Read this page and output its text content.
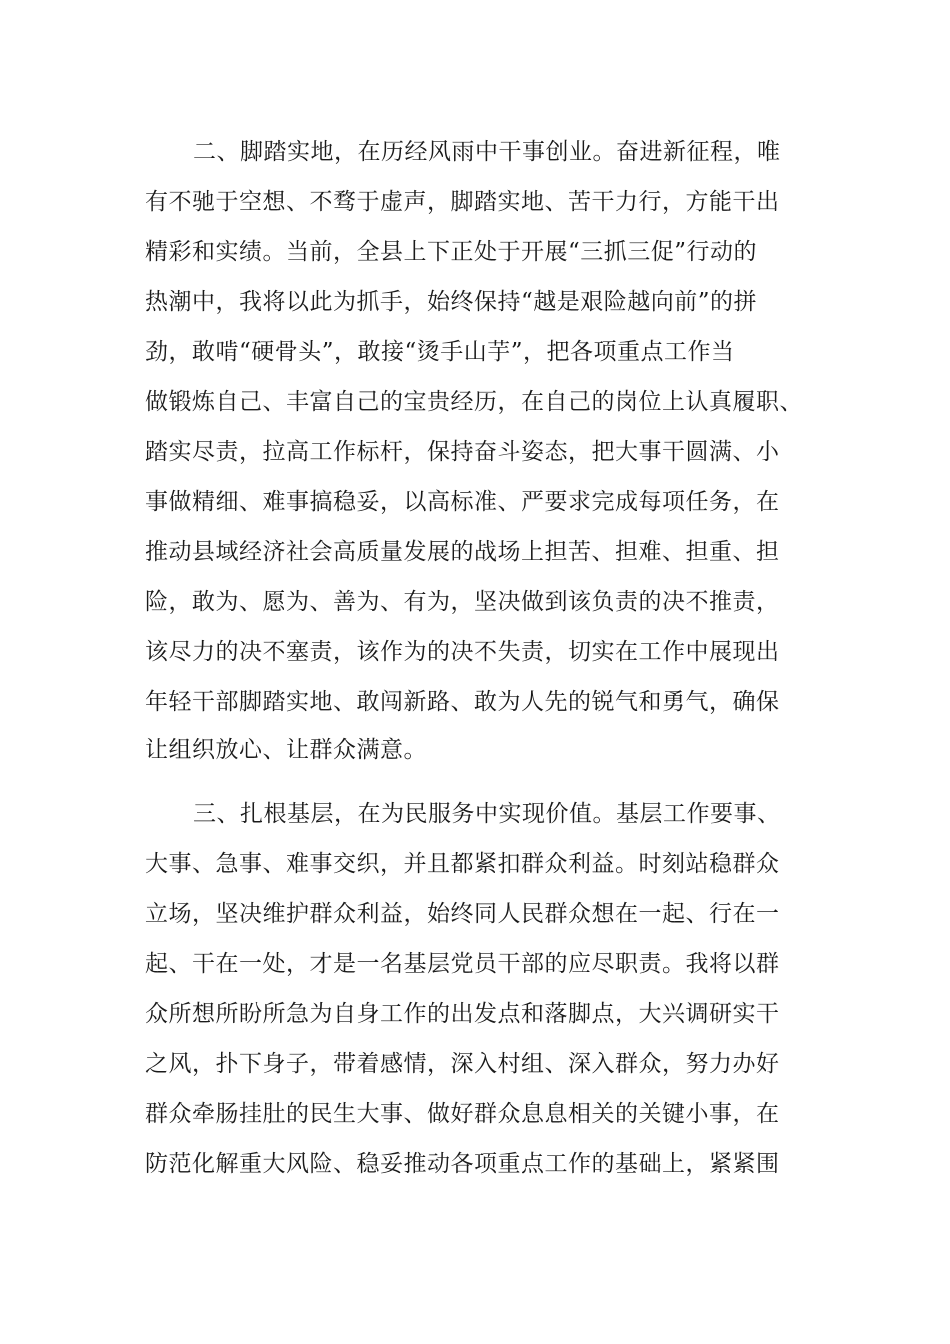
二、脚踏实地，在历经风雨中干事创业。奋进新征程，唯
有不驰于空想、不骛于虚声，脚踏实地、苦干力行，方能干出
精彩和实绩。当前，全县上下正处于开展“三抓三促”行动的
热潮中，我将以此为抓手，始终保持“越是艰险越向前”的拼
劲，敢啃“硬骨头”，敢接“烫手山芋”，把各项重点工作当
做锻炼自己、丰富自己的宝贵经历，在自己的岗位上认真履职、
踏实尽责，拉高工作标杆，保持奋斗姿态，把大事干圆满、小
事做精细、难事搞稳妥，以高标准、严要求完成每项任务，在
推动县域经济社会高质量发展的战场上担苦、担难、担重、担
险，敢为、愿为、善为、有为，坚决做到该负责的决不推责，
该尽力的决不塞责，该作为的决不失责，切实在工作中展现出
年轻干部脚踏实地、敢闯新路、敢为人先的锐气和勇气，确保
让组织放心、让群众满意。
三、扎根基层，在为民服务中实现价值。基层工作要事、
大事、急事、难事交织，并且都紧扣群众利益。时刻站稳群众
立场，坚决维护群众利益，始终同人民群众想在一起、行在一
起、干在一处，才是一名基层党员干部的应尽职责。我将以群
众所想所盼所急为自身工作的出发点和落脚点，大兴调研实干
之风，扑下身子，带着感情，深入村组、深入群众，努力办好
群众牵肠挂肚的民生大事、做好群众息息相关的关键小事，在
防范化解重大风险、稳妥推动各项重点工作的基础上，紧紧围
